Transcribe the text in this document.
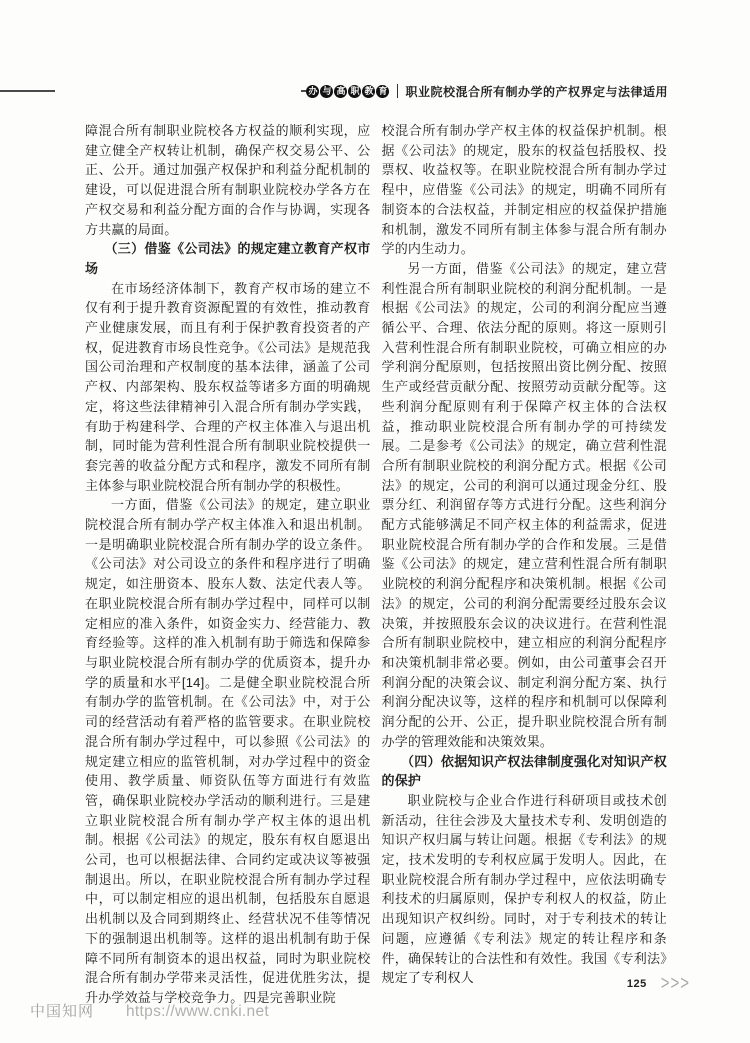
办 与 高 职 教 育 职业院校混合所有制办学的产权界定与法律适用

障混合所有制职业院校各方权益的顺利实现，应建立健全产权转让机制，确保产权交易公平、公正、公开。通过加强产权保护和利益分配机制的建设，可以促进混合所有制职业院校办学各方在产权交易和利益分配方面的合作与协调，实现各方共赢的局面。

（三）借鉴《公司法》的规定建立教育产权市场

在市场经济体制下，教育产权市场的建立不仅有利于提升教育资源配置的有效性，推动教育产业健康发展，而且有利于保护教育投资者的产权，促进教育市场良性竞争。《公司法》是规范我国公司治理和产权制度的基本法律，涵盖了公司产权、内部架构、股东权益等诸多方面的明确规定，将这些法律精神引入混合所有制办学实践，有助于构建科学、合理的产权主体准入与退出机制，同时能为营利性混合所有制职业院校提供一套完善的收益分配方式和程序，激发不同所有制主体参与职业院校混合所有制办学的积极性。

一方面，借鉴《公司法》的规定，建立职业院校混合所有制办学产权主体准入和退出机制。一是明确职业院校混合所有制办学的设立条件。《公司法》对公司设立的条件和程序进行了明确规定，如注册资本、股东人数、法定代表人等。在职业院校混合所有制办学过程中，同样可以制定相应的准入条件，如资金实力、经营能力、教育经验等。这样的准入机制有助于筛选和保障参与职业院校混合所有制办学的优质资本，提升办学的质量和水平[14]。二是健全职业院校混合所有制办学的监管机制。在《公司法》中，对于公司的经营活动有着严格的监管要求。在职业院校混合所有制办学过程中，可以参照《公司法》的规定建立相应的监管机制，对办学过程中的资金使用、教学质量、师资队伍等方面进行有效监管，确保职业院校办学活动的顺利进行。三是建立职业院校混合所有制办学产权主体的退出机制。根据《公司法》的规定，股东有权自愿退出公司，也可以根据法律、合同约定或决议等被强制退出。所以，在职业院校混合所有制办学过程中，可以制定相应的退出机制，包括股东自愿退出机制以及合同到期终止、经营状况不佳等情况下的强制退出机制等。这样的退出机制有助于保障不同所有制资本的退出权益，同时为职业院校混合所有制办学带来灵活性，促进优胜劣汰，提升办学效益与学校竞争力。四是完善职业院

校混合所有制办学产权主体的权益保护机制。根据《公司法》的规定，股东的权益包括股权、投票权、收益权等。在职业院校混合所有制办学过程中，应借鉴《公司法》的规定，明确不同所有制资本的合法权益，并制定相应的权益保护措施和机制，激发不同所有制主体参与混合所有制办学的内生动力。

另一方面，借鉴《公司法》的规定，建立营利性混合所有制职业院校的利润分配机制。一是根据《公司法》的规定，公司的利润分配应当遵循公平、合理、依法分配的原则。将这一原则引入营利性混合所有制职业院校，可确立相应的办学利润分配原则，包括按照出资比例分配、按照生产或经营贡献分配、按照劳动贡献分配等。这些利润分配原则有利于保障产权主体的合法权益，推动职业院校混合所有制办学的可持续发展。二是参考《公司法》的规定，确立营利性混合所有制职业院校的利润分配方式。根据《公司法》的规定，公司的利润可以通过现金分红、股票分红、利润留存等方式进行分配。这些利润分配方式能够满足不同产权主体的利益需求，促进职业院校混合所有制办学的合作和发展。三是借鉴《公司法》的规定，建立营利性混合所有制职业院校的利润分配程序和决策机制。根据《公司法》的规定，公司的利润分配需要经过股东会议决策，并按照股东会议的决议进行。在营利性混合所有制职业院校中，建立相应的利润分配程序和决策机制非常必要。例如，由公司董事会召开利润分配的决策会议、制定利润分配方案、执行利润分配决议等，这样的程序和机制可以保障利润分配的公开、公正，提升职业院校混合所有制办学的管理效能和决策效果。

（四）依据知识产权法律制度强化对知识产权的保护

职业院校与企业合作进行科研项目或技术创新活动，往往会涉及大量技术专利、发明创造的知识产权归属与转让问题。根据《专利法》的规定，技术发明的专利权应属于发明人。因此，在职业院校混合所有制办学过程中，应依法明确专利技术的归属原则，保护专利权人的权益，防止出现知识产权纠纷。同时，对于专利技术的转让问题，应遵循《专利法》规定的转让程序和条件，确保转让的合法性和有效性。我国《专利法》规定了专利权人	125 >>>
中国知网 https://www.cnki.net
